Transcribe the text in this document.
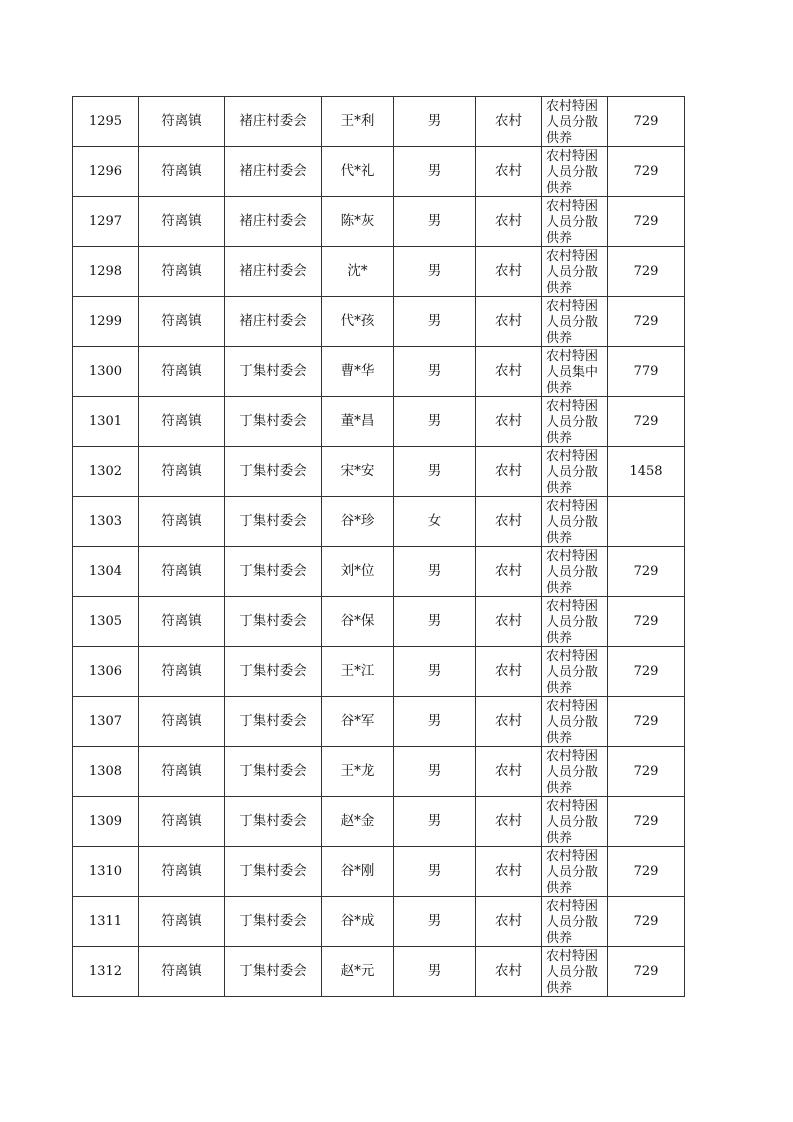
1295	符离镇	褚庄村委会	王*利	男	农村	农村特困人员分散供养	729
1296	符离镇	褚庄村委会	代*礼	男	农村	农村特困人员分散供养	729
1297	符离镇	褚庄村委会	陈*灰	男	农村	农村特困人员分散供养	729
1298	符离镇	褚庄村委会	沈*	男	农村	农村特困人员分散供养	729
1299	符离镇	褚庄村委会	代*孩	男	农村	农村特困人员分散供养	729
1300	符离镇	丁集村委会	曹*华	男	农村	农村特困人员集中供养	779
1301	符离镇	丁集村委会	董*昌	男	农村	农村特困人员分散供养	729
1302	符离镇	丁集村委会	宋*安	男	农村	农村特困人员分散供养	1458
1303	符离镇	丁集村委会	谷*珍	女	农村	农村特困人员分散供养	

1304	符离镇	丁集村委会	刘*位	男	农村	农村特困人员分散供养	729
1305	符离镇	丁集村委会	谷*保	男	农村	农村特困人员分散供养	729
1306	符离镇	丁集村委会	王*江	男	农村	农村特困人员分散供养	729
1307	符离镇	丁集村委会	谷*军	男	农村	农村特困人员分散供养	729
1308	符离镇	丁集村委会	王*龙	男	农村	农村特困人员分散供养	729
1309	符离镇	丁集村委会	赵*金	男	农村	农村特困人员分散供养	729
1310	符离镇	丁集村委会	谷*刚	男	农村	农村特困人员分散供养	729
1311	符离镇	丁集村委会	谷*成	男	农村	农村特困人员分散供养	729
1312	符离镇	丁集村委会	赵*元	男	农村	农村特困人员分散供养	729
